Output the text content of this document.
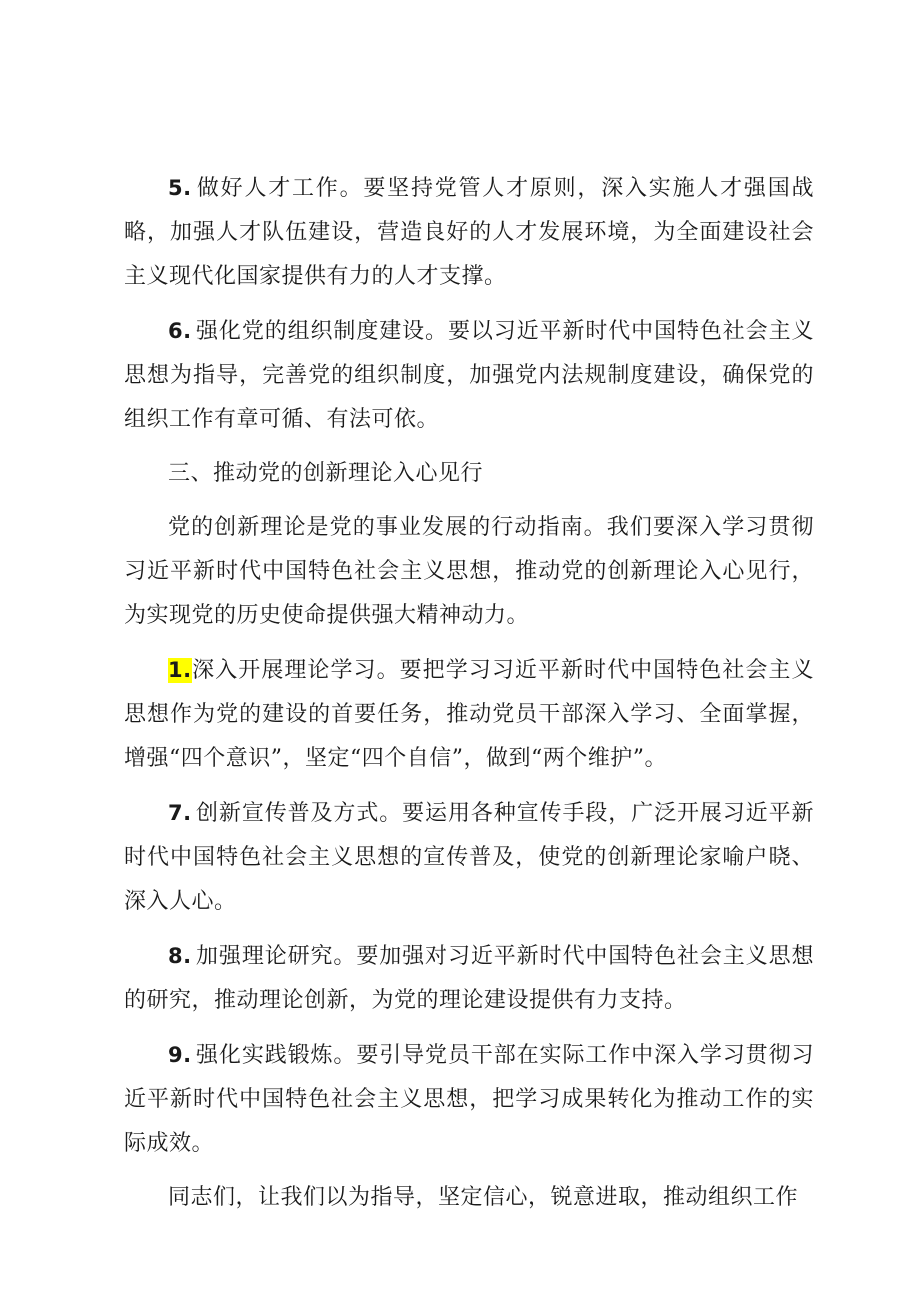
5. 做好人才工作。要坚持党管人才原则，深入实施人才强国战略，加强人才队伍建设，营造良好的人才发展环境，为全面建设社会主义现代化国家提供有力的人才支撑。

6. 强化党的组织制度建设。要以习近平新时代中国特色社会主义思想为指导，完善党的组织制度，加强党内法规制度建设，确保党的组织工作有章可循、有法可依。

三、推动党的创新理论入心见行

党的创新理论是党的事业发展的行动指南。我们要深入学习贯彻习近平新时代中国特色社会主义思想，推动党的创新理论入心见行，为实现党的历史使命提供强大精神动力。

1.深入开展理论学习。要把学习习近平新时代中国特色社会主义思想作为党的建设的首要任务，推动党员干部深入学习、全面掌握，增强“四个意识”，坚定“四个自信”，做到“两个维护”。

7. 创新宣传普及方式。要运用各种宣传手段，广泛开展习近平新时代中国特色社会主义思想的宣传普及，使党的创新理论家喻户晓、深入人心。

8. 加强理论研究。要加强对习近平新时代中国特色社会主义思想的研究，推动理论创新，为党的理论建设提供有力支持。

9. 强化实践锻炼。要引导党员干部在实际工作中深入学习贯彻习近平新时代中国特色社会主义思想，把学习成果转化为推动工作的实际成效。

同志们，让我们以为指导，坚定信心，锐意进取，推动组织工作
